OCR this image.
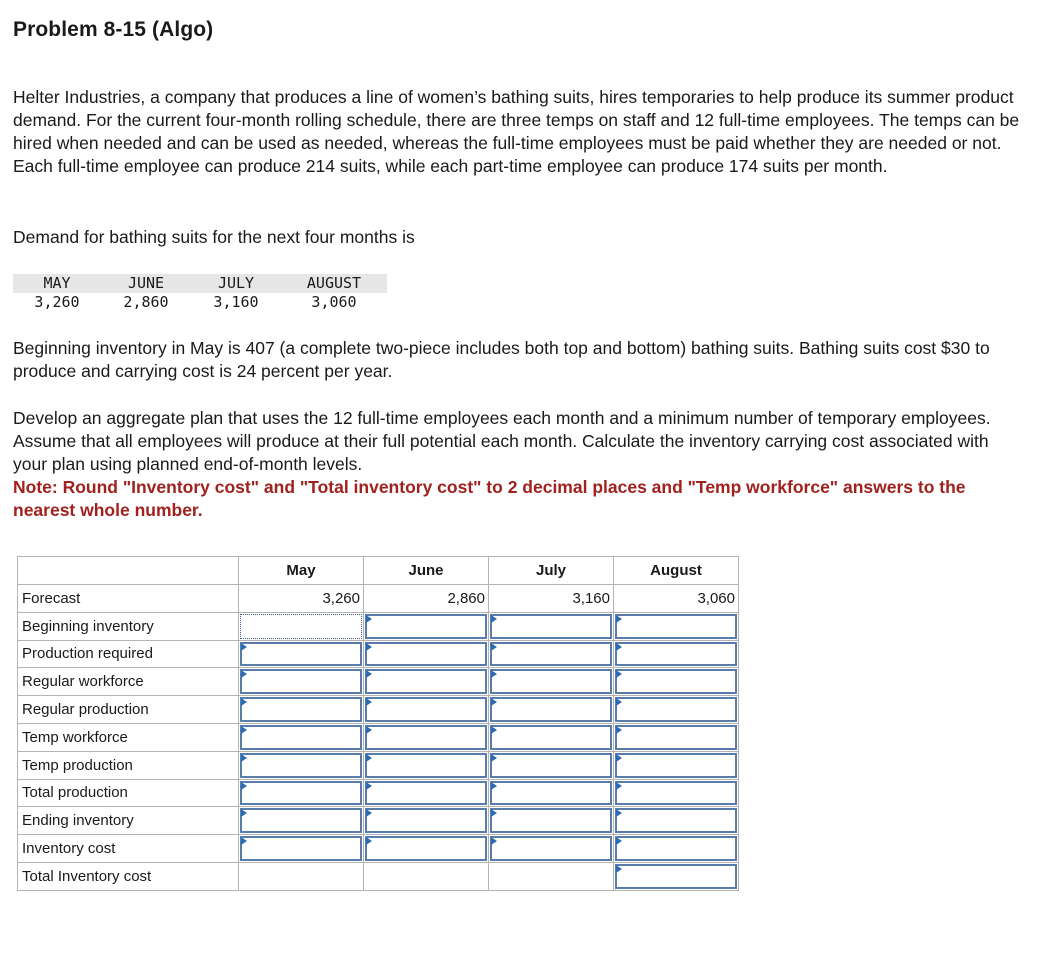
Problem 8-15 (Algo)

Helter Industries, a company that produces a line of women’s bathing suits, hires temporaries to help produce its summer product demand. For the current four-month rolling schedule, there are three temps on staff and 12 full-time employees. The temps can be hired when needed and can be used as needed, whereas the full-time employees must be paid whether they are needed or not. Each full-time employee can produce 214 suits, while each part-time employee can produce 174 suits per month.

Demand for bathing suits for the next four months is

MAY	JUNE	JULY	AUGUST
3,260	2,860	3,160	3,060

Beginning inventory in May is 407 (a complete two-piece includes both top and bottom) bathing suits. Bathing suits cost $30 to produce and carrying cost is 24 percent per year.

Develop an aggregate plan that uses the 12 full-time employees each month and a minimum number of temporary employees. Assume that all employees will produce at their full potential each month. Calculate the inventory carrying cost associated with your plan using planned end-of-month levels.
Note: Round "Inventory cost" and "Total inventory cost" to 2 decimal places and "Temp workforce" answers to the nearest whole number.
	May	June	July	August
Forecast	3,260	2,860	3,160	3,060
Beginning inventory	

Production required	

Regular workforce	

Regular production	

Temp workforce	

Temp production	

Total production	

Ending inventory	

Inventory cost	

Total Inventory cost				
